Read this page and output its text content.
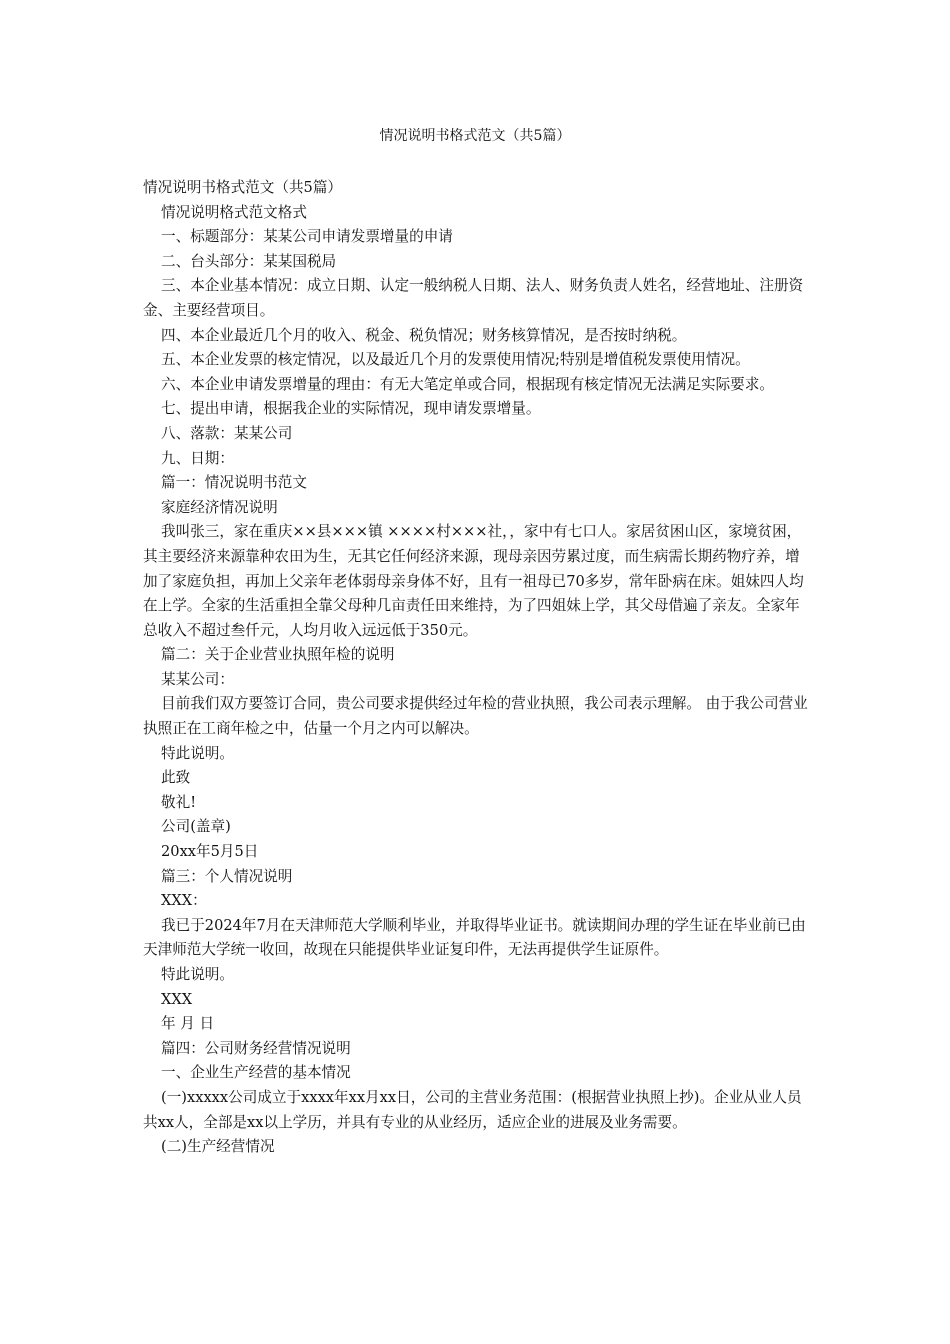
情况说明书格式范文（共5篇）

情况说明书格式范文（共5篇）

情况说明格式范文格式

一、标题部分：某某公司申请发票增量的申请

二、台头部分：某某国税局

三、本企业基本情况：成立日期、认定一般纳税人日期、法人、财务负责人姓名，经营地址、注册资金、主要经营项目。

四、本企业最近几个月的收入、税金、税负情况；财务核算情况，是否按时纳税。

五、本企业发票的核定情况，以及最近几个月的发票使用情况;特别是增值税发票使用情况。

六、本企业申请发票增量的理由：有无大笔定单或合同，根据现有核定情况无法满足实际要求。

七、提出申请，根据我企业的实际情况，现申请发票增量。

八、落款：某某公司

九、日期：

篇一：情况说明书范文

家庭经济情况说明

我叫张三，家在重庆××县×××镇 ××××村×××社，，家中有七口人。家居贫困山区，家境贫困，其主要经济来源靠种农田为生，无其它任何经济来源，现母亲因劳累过度，而生病需长期药物疗养，增加了家庭负担，再加上父亲年老体弱母亲身体不好，且有一祖母已70多岁，常年卧病在床。姐妹四人均在上学。全家的生活重担全靠父母种几亩责任田来维持，为了四姐妹上学，其父母借遍了亲友。全家年总收入不超过叁仟元，人均月收入远远低于350元。

篇二：关于企业营业执照年检的说明

某某公司：

目前我们双方要签订合同，贵公司要求提供经过年检的营业执照，我公司表示理解。 由于我公司营业执照正在工商年检之中，估量一个月之内可以解决。

特此说明。

此致

敬礼!

公司(盖章)

20xx年5月5日

篇三：个人情况说明

XXX：

我已于2024年7月在天津师范大学顺利毕业，并取得毕业证书。就读期间办理的学生证在毕业前已由天津师范大学统一收回，故现在只能提供毕业证复印件，无法再提供学生证原件。

特此说明。

XXX

年 月 日

篇四：公司财务经营情况说明

一、企业生产经营的基本情况

(一)xxxxx公司成立于xxxx年xx月xx日，公司的主营业务范围：(根据营业执照上抄)。企业从业人员共xx人，全部是xx以上学历，并具有专业的从业经历，适应企业的进展及业务需要。

(二)生产经营情况
